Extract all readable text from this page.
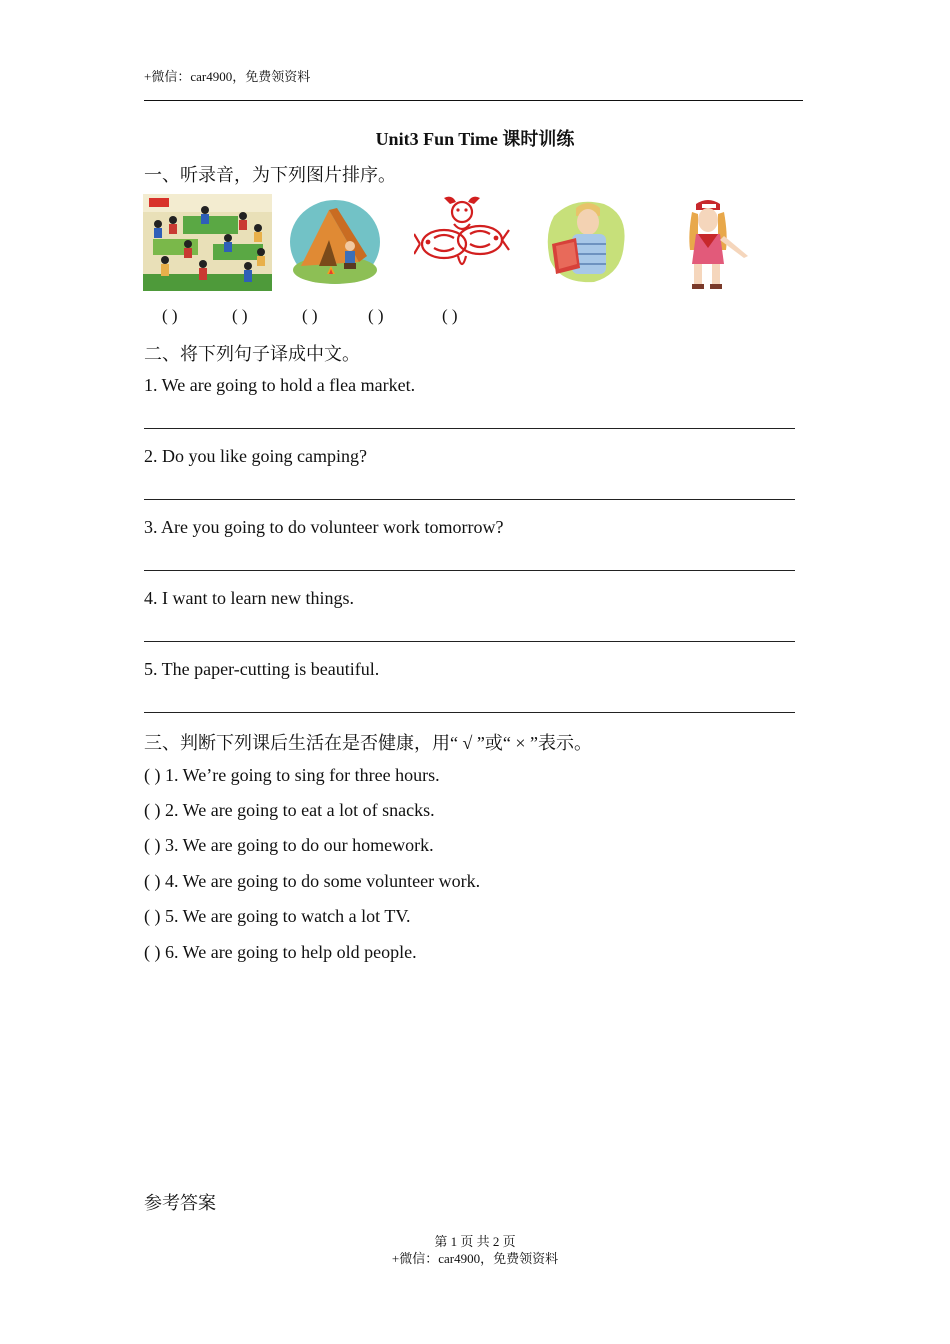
+微信：car4900，免费领资料
Unit3 Fun Time 课时训练
一、听录音，为下列图片排序。
( )	( )	( )	( )	( )
二、将下列句子译成中文。
1. We are going to hold a flea market.
2. Do you like going camping?
3. Are you going to do volunteer work tomorrow?
4. I want to learn new things.
5. The paper-cutting is beautiful.
三、判断下列课后生活在是否健康，用“ √ ”或“ × ”表示。
( ) 1. We’re going to sing for three hours.
( ) 2. We are going to eat a lot of snacks.
( ) 3. We are going to do our homework.
( ) 4. We are going to do some volunteer work.
( ) 5. We are going to watch a lot TV.
( ) 6. We are going to help old people.
参考答案
第 1 页 共 2 页
+微信：car4900，免费领资料
